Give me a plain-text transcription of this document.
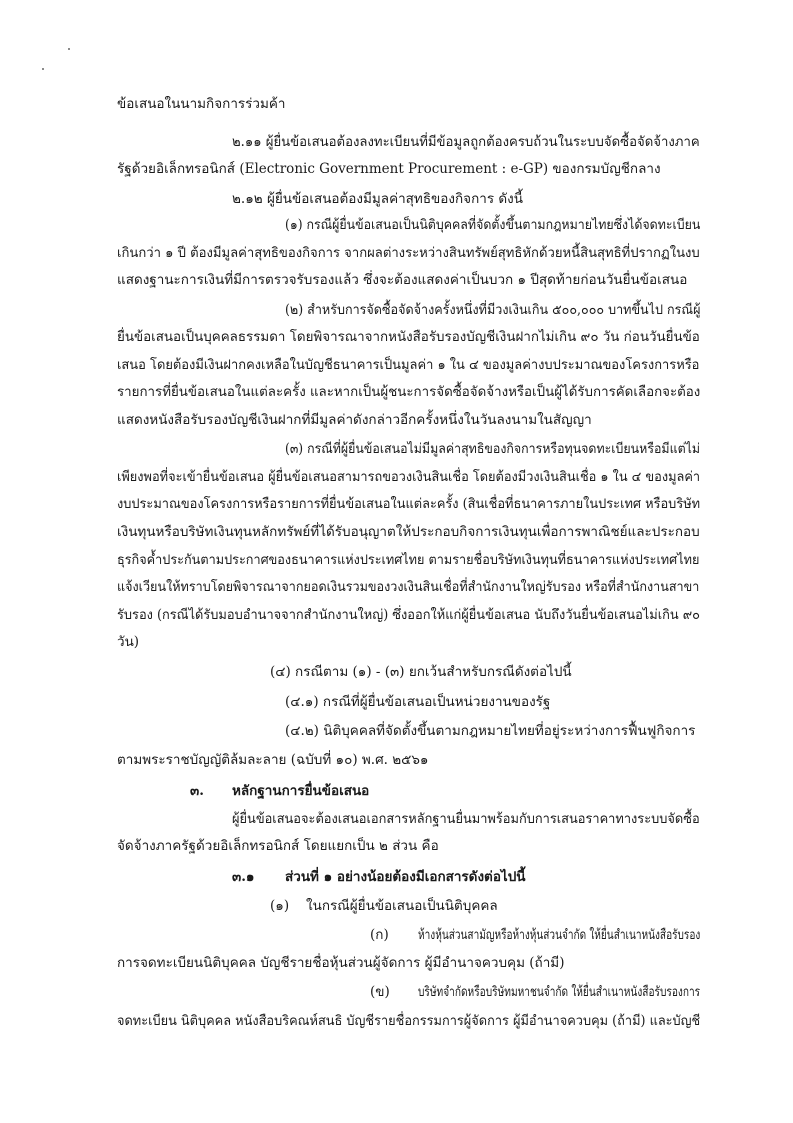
ข้อเสนอในนามกิจการร่วมค้า
๒.๑๑ ผู้ยื่นข้อเสนอต้องลงทะเบียนที่มีข้อมูลถูกต้องครบถ้วนในระบบจัดซื้อจัดจ้างภาค
รัฐด้วยอิเล็กทรอนิกส์ (Electronic Government Procurement : e-GP) ของกรมบัญชีกลาง
๒.๑๒ ผู้ยื่นข้อเสนอต้องมีมูลค่าสุทธิของกิจการ ดังนี้
(๑) กรณีผู้ยื่นข้อเสนอเป็นนิติบุคคลที่จัดตั้งขึ้นตามกฎหมายไทยซึ่งได้จดทะเบียน
เกินกว่า ๑ ปี ต้องมีมูลค่าสุทธิของกิจการ จากผลต่างระหว่างสินทรัพย์สุทธิหักด้วยหนี้สินสุทธิที่ปรากฏในงบ
แสดงฐานะการเงินที่มีการตรวจรับรองแล้ว ซึ่งจะต้องแสดงค่าเป็นบวก ๑ ปีสุดท้ายก่อนวันยื่นข้อเสนอ
(๒) สำหรับการจัดซื้อจัดจ้างครั้งหนึ่งที่มีวงเงินเกิน ๕๐๐,๐๐๐ บาทขึ้นไป กรณีผู้
ยื่นข้อเสนอเป็นบุคคลธรรมดา โดยพิจารณาจากหนังสือรับรองบัญชีเงินฝากไม่เกิน ๙๐ วัน ก่อนวันยื่นข้อ
เสนอ โดยต้องมีเงินฝากคงเหลือในบัญชีธนาคารเป็นมูลค่า ๑ ใน ๔ ของมูลค่างบประมาณของโครงการหรือ
รายการที่ยื่นข้อเสนอในแต่ละครั้ง และหากเป็นผู้ชนะการจัดซื้อจัดจ้างหรือเป็นผู้ได้รับการคัดเลือกจะต้อง
แสดงหนังสือรับรองบัญชีเงินฝากที่มีมูลค่าดังกล่าวอีกครั้งหนึ่งในวันลงนามในสัญญา
(๓) กรณีที่ผู้ยื่นข้อเสนอไม่มีมูลค่าสุทธิของกิจการหรือทุนจดทะเบียนหรือมีแต่ไม่
เพียงพอที่จะเข้ายื่นข้อเสนอ ผู้ยื่นข้อเสนอสามารถขอวงเงินสินเชื่อ โดยต้องมีวงเงินสินเชื่อ ๑ ใน ๔ ของมูลค่า
งบประมาณของโครงการหรือรายการที่ยื่นข้อเสนอในแต่ละครั้ง (สินเชื่อที่ธนาคารภายในประเทศ หรือบริษัท
เงินทุนหรือบริษัทเงินทุนหลักทรัพย์ที่ได้รับอนุญาตให้ประกอบกิจการเงินทุนเพื่อการพาณิชย์และประกอบ
ธุรกิจค้ำประกันตามประกาศของธนาคารแห่งประเทศไทย ตามรายชื่อบริษัทเงินทุนที่ธนาคารแห่งประเทศไทย
แจ้งเวียนให้ทราบโดยพิจารณาจากยอดเงินรวมของวงเงินสินเชื่อที่สำนักงานใหญ่รับรอง หรือที่สำนักงานสาขา
รับรอง (กรณีได้รับมอบอำนาจจากสำนักงานใหญ่) ซึ่งออกให้แก่ผู้ยื่นข้อเสนอ นับถึงวันยื่นข้อเสนอไม่เกิน ๙๐
วัน)
(๔) กรณีตาม (๑) - (๓) ยกเว้นสำหรับกรณีดังต่อไปนี้
(๔.๑) กรณีที่ผู้ยื่นข้อเสนอเป็นหน่วยงานของรัฐ
(๔.๒) นิติบุคคลที่จัดตั้งขึ้นตามกฎหมายไทยที่อยู่ระหว่างการฟื้นฟูกิจการ
ตามพระราชบัญญัติล้มละลาย (ฉบับที่ ๑๐) พ.ศ. ๒๕๖๑
๓. หลักฐานการยื่นข้อเสนอ
ผู้ยื่นข้อเสนอจะต้องเสนอเอกสารหลักฐานยื่นมาพร้อมกับการเสนอราคาทางระบบจัดซื้อ
จัดจ้างภาครัฐด้วยอิเล็กทรอนิกส์ โดยแยกเป็น ๒ ส่วน คือ
๓.๑ ส่วนที่ ๑ อย่างน้อยต้องมีเอกสารดังต่อไปนี้
(๑) ในกรณีผู้ยื่นข้อเสนอเป็นนิติบุคคล
(ก) ห้างหุ้นส่วนสามัญหรือห้างหุ้นส่วนจำกัด ให้ยื่นสำเนาหนังสือรับรอง
การจดทะเบียนนิติบุคคล บัญชีรายชื่อหุ้นส่วนผู้จัดการ ผู้มีอำนาจควบคุม (ถ้ามี)
(ข) บริษัทจำกัดหรือบริษัทมหาชนจำกัด ให้ยื่นสำเนาหนังสือรับรองการ
จดทะเบียน นิติบุคคล หนังสือบริคณห์สนธิ บัญชีรายชื่อกรรมการผู้จัดการ ผู้มีอำนาจควบคุม (ถ้ามี) และบัญชี
